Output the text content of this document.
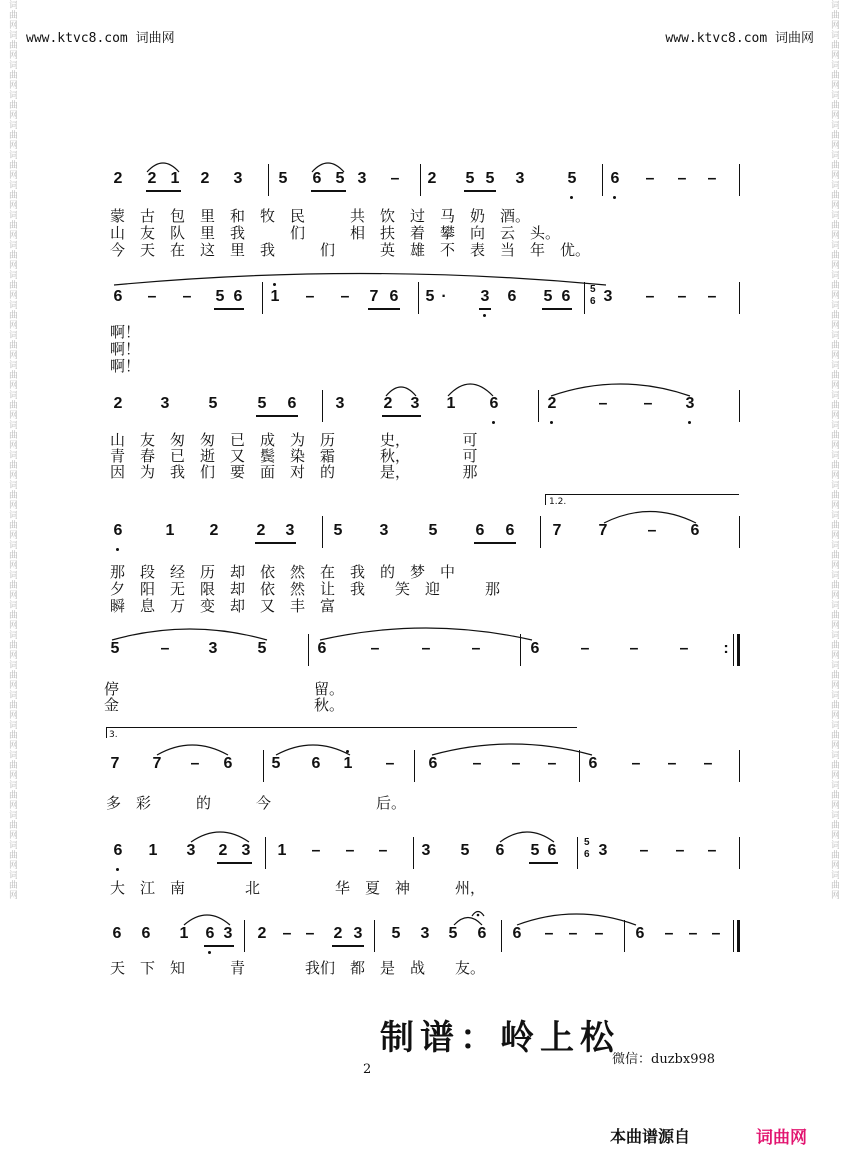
词曲网词曲网词曲网词曲网词曲网词曲网词曲网词曲网词曲网词曲网词曲网词曲网词曲网词曲网词曲网词曲网词曲网词曲网词曲网词曲网词曲网词曲网词曲网词曲网词曲网词曲网词曲网词曲网词曲网词曲网	词曲网词曲网词曲网词曲网词曲网词曲网词曲网词曲网词曲网词曲网词曲网词曲网词曲网词曲网词曲网词曲网词曲网词曲网词曲网词曲网词曲网词曲网词曲网词曲网词曲网词曲网词曲网词曲网词曲网词曲网
www.ktvc8.com 词曲网	www.ktvc8.com 词曲网
2 2 1 2 3 5 6 5 3 – 2 5 5 3	5 6 – – –
6 – – 5 6 1 – – 7 6 5 · 3 6 5 6 3 – – –
2 3 5	5 6 3 2 3 1 6	2	– – 3
6	1 2 2 3 5 3	5 6 6 7 7	– 6
5	– 3	5	6	–	–	–	6	–	–	– :
7 7 – 6 5 6 1 – 6 – – – 6 – – –
6 1 3 2 3 1 – – – 3 5 6 5 6	3 – – –
6 6 1 6 3 2 – – 2 3 5 3 5 6 6 – – – 6 – – –
1.2.
3.
5
6
5
6
蒙　古　包　里　和　牧　民　　　共　饮　过　马　奶　酒。
山　友　队　里　我　　　们　　　相　扶　着　攀　向　云　头。
今　天　在　这　里　我　　　们　　　英　雄　不　表　当　年　优。
啊！
啊！
啊！
山　友　匆　匆　已　成　为　历　　　史，　　　　可
青　春　已　逝　又　鬓　染　霜　　　秋，　　　　可
因　为　我　们　要　面　对　的　　　是，　　　　那
那　段　经　历　却　依　然　在　我　的　梦　中
夕　阳　无　限　却　依　然　让　我　　笑　迎　　　那
瞬　息　万　变　却　又　丰　富
停　　　　　　　　　　　　　留。
金　　　　　　　　　　　　　秋。
多　彩　　　的　　　今　　　　　　　后。
大　江　南　　　　北　　　　　华　夏　神　　　州，
天　下　知　　　青　　　　我们　都　是　战　　友。
制谱：岭上松
微信：duzbx998
2
本曲谱源自	词曲网
